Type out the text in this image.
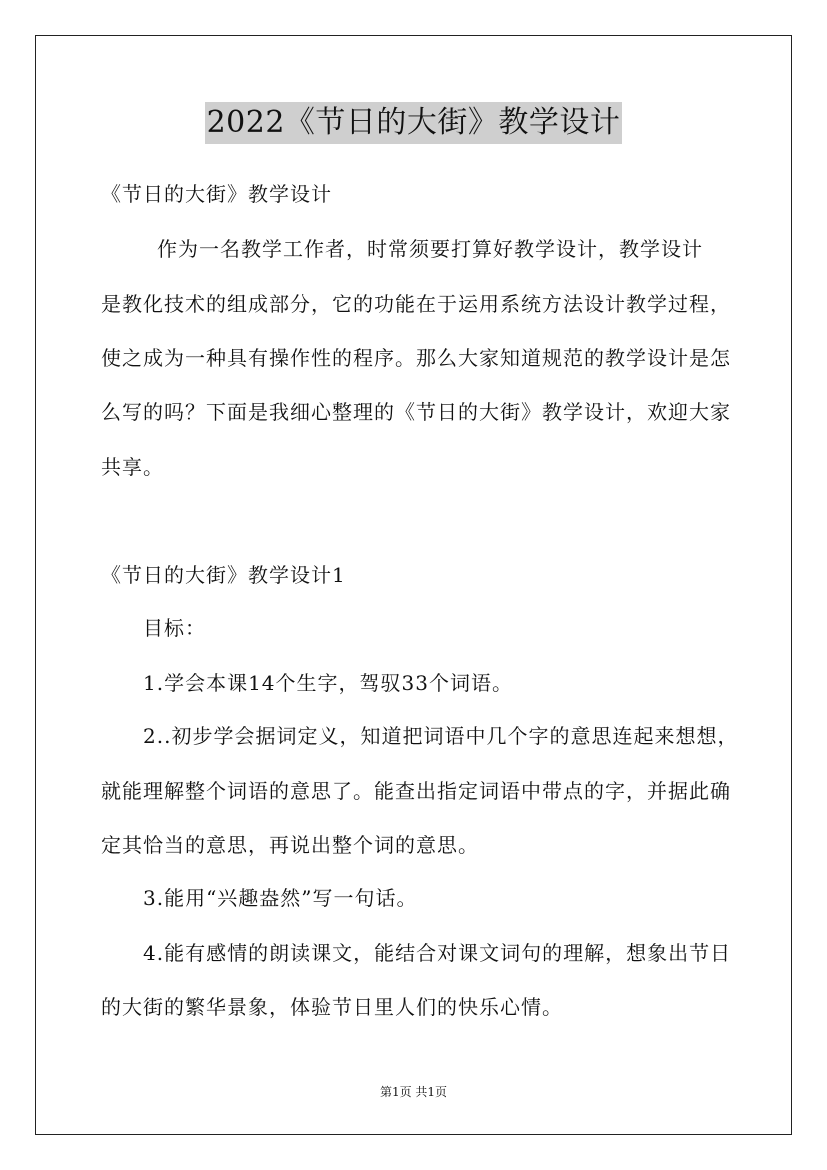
2022《节日的大街》教学设计
《节日的大街》教学设计
作为一名教学工作者，时常须要打算好教学设计，教学设计
是教化技术的组成部分，它的功能在于运用系统方法设计教学过程，
使之成为一种具有操作性的程序。那么大家知道规范的教学设计是怎
么写的吗？下面是我细心整理的《节日的大街》教学设计，欢迎大家
共享。
《节日的大街》教学设计1
目标：
1.学会本课14个生字，驾驭33个词语。
2..初步学会据词定义，知道把词语中几个字的意思连起来想想，
就能理解整个词语的意思了。能查出指定词语中带点的字，并据此确
定其恰当的意思，再说出整个词的意思。
3.能用“兴趣盎然”写一句话。
4.能有感情的朗读课文，能结合对课文词句的理解，想象出节日
的大街的繁华景象，体验节日里人们的快乐心情。
第1页 共1页
